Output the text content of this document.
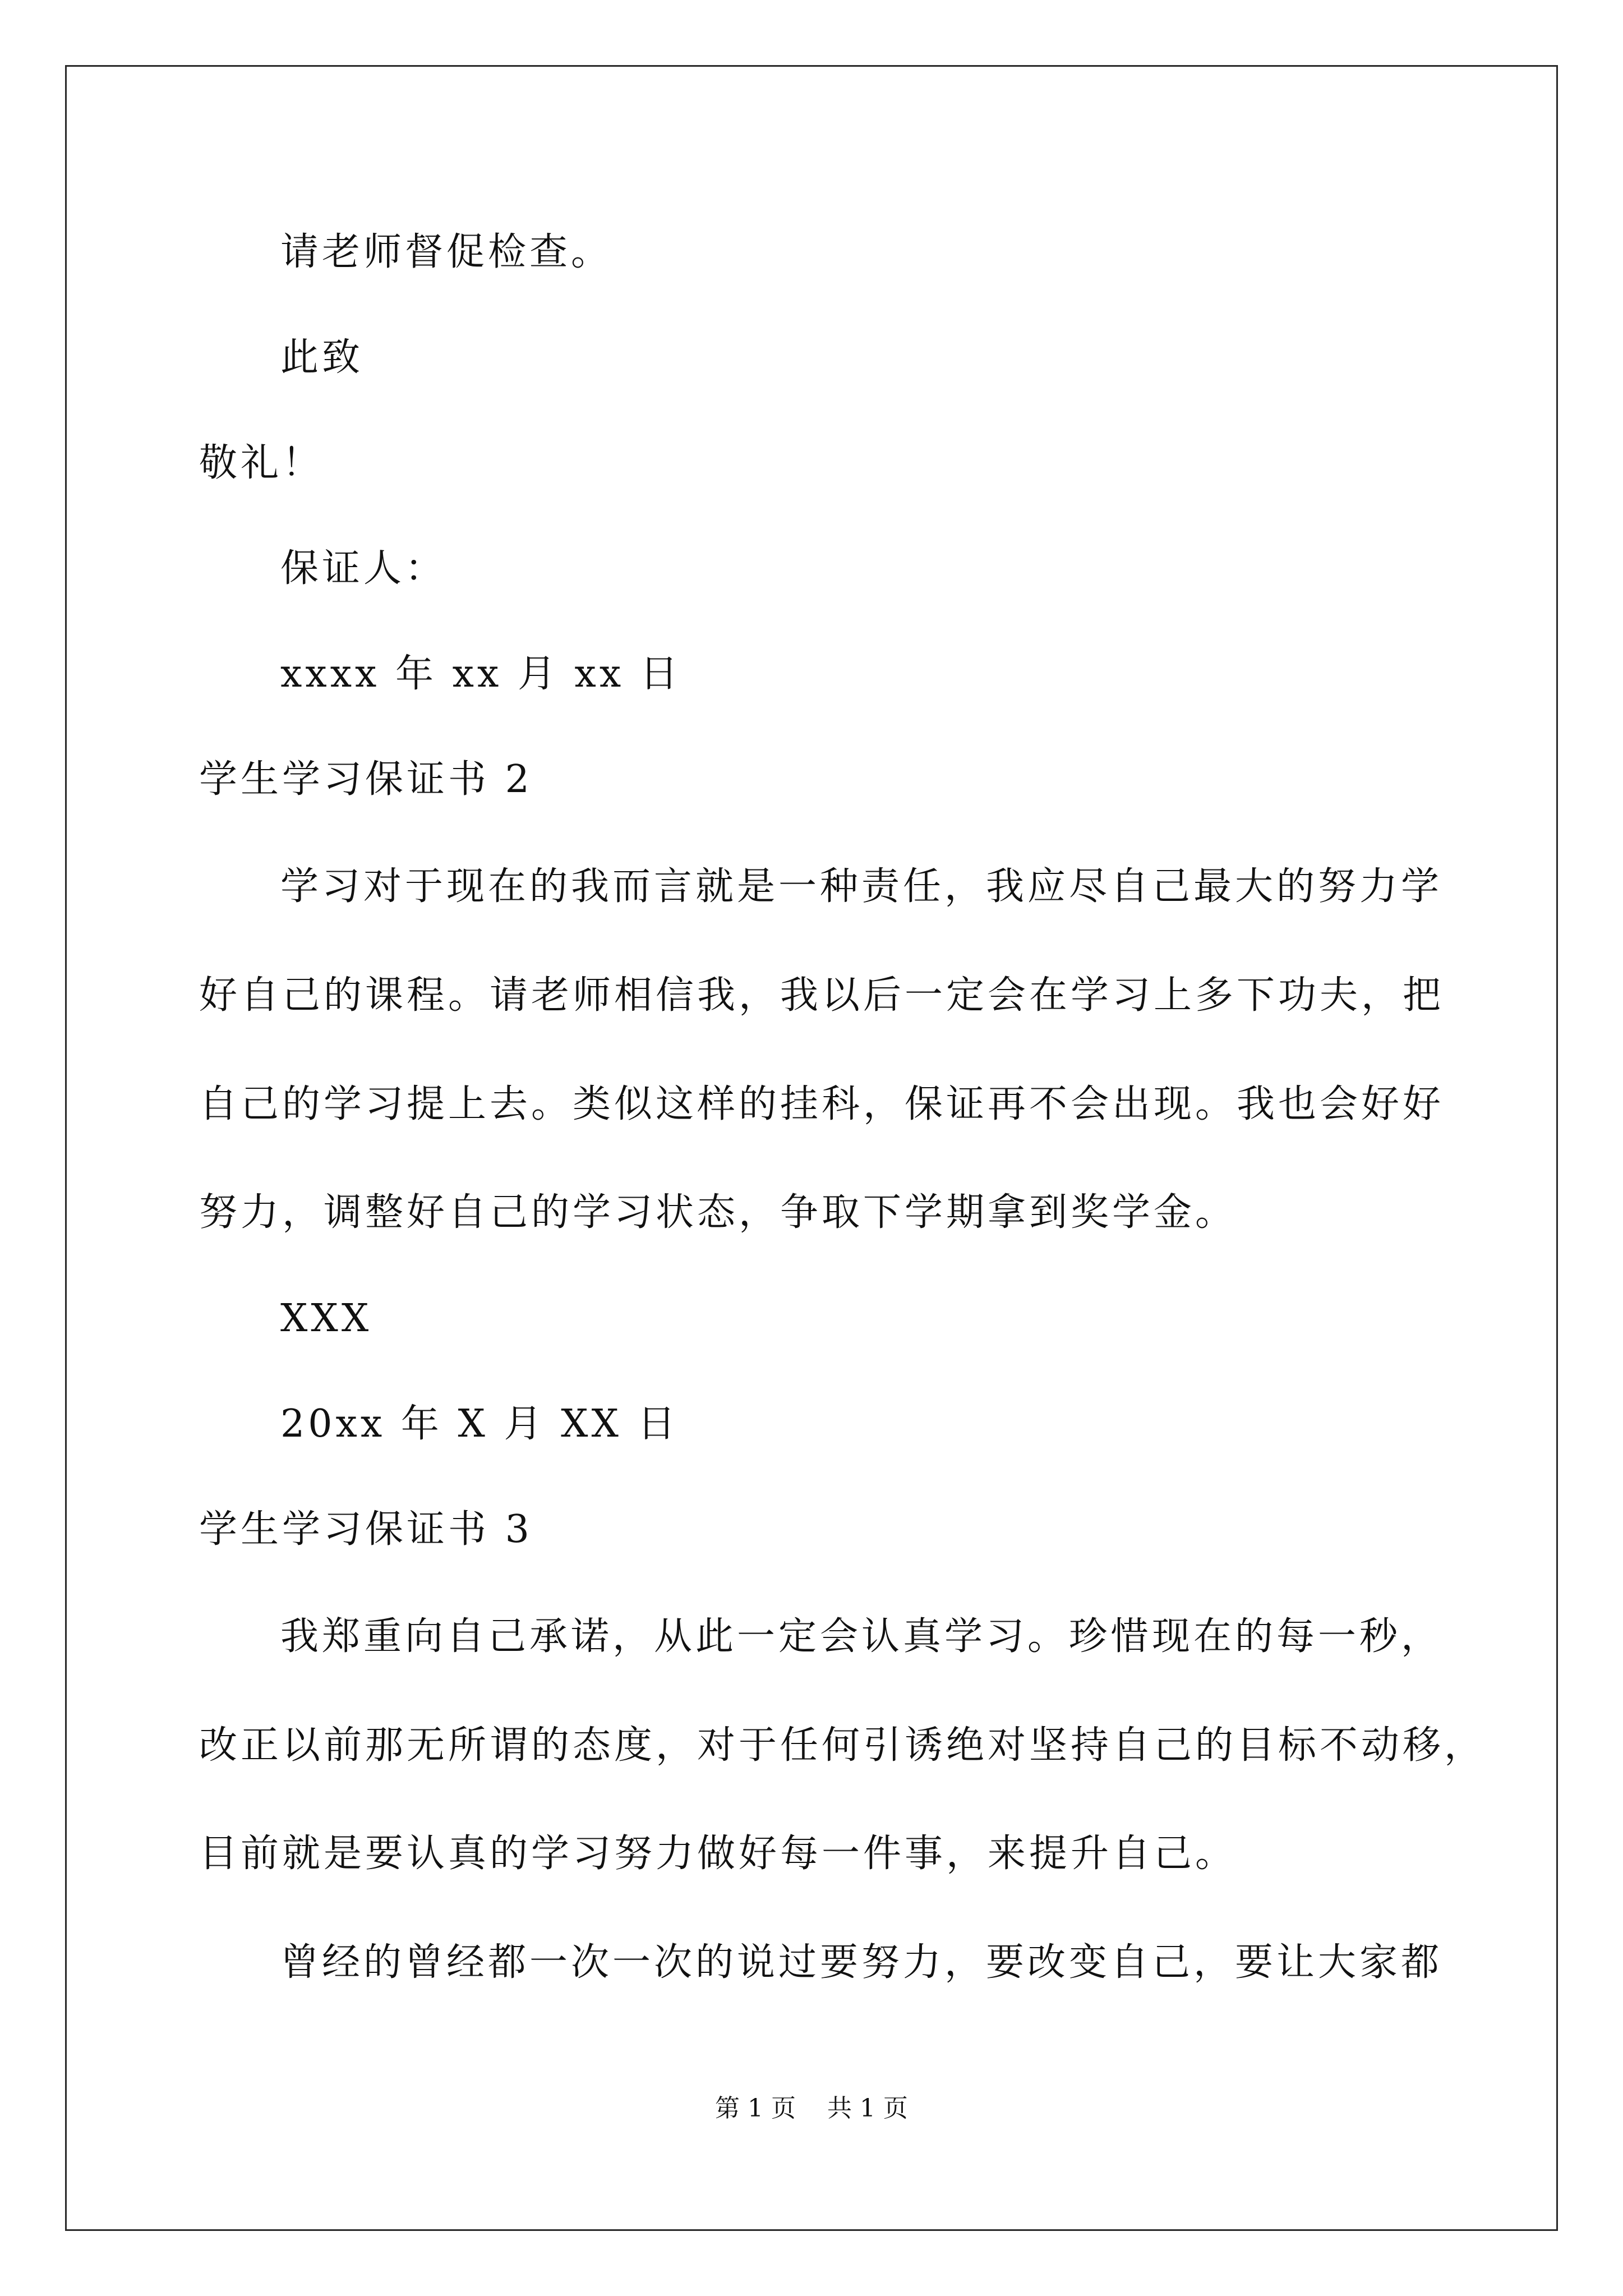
请老师督促检查。
此致
敬礼！
保证人：
xxxx 年 xx 月 xx 日
学生学习保证书 2
学习对于现在的我而言就是一种责任，我应尽自己最大的努力学
好自己的课程。请老师相信我，我以后一定会在学习上多下功夫，把
自己的学习提上去。类似这样的挂科，保证再不会出现。我也会好好
努力，调整好自己的学习状态，争取下学期拿到奖学金。
XXX
20xx 年 X 月 XX 日
学生学习保证书 3
我郑重向自己承诺，从此一定会认真学习。珍惜现在的每一秒，
改正以前那无所谓的态度，对于任何引诱绝对坚持自己的目标不动移，
目前就是要认真的学习努力做好每一件事，来提升自己。
曾经的曾经都一次一次的说过要努力，要改变自己，要让大家都
第 1 页    共 1 页
